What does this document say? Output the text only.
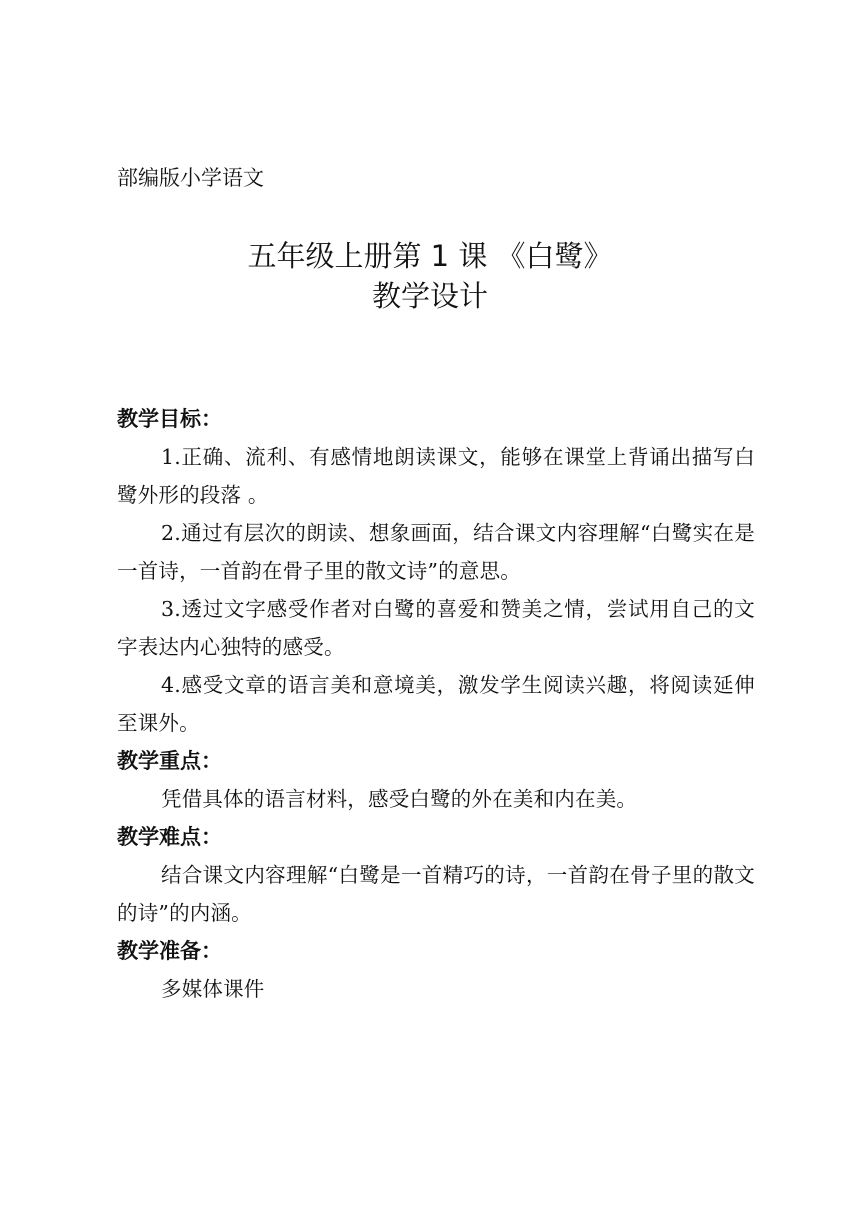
部编版小学语文
五年级上册第 1 课 《白鹭》
教学设计

教学目标：

1.正确、流利、有感情地朗读课文，能够在课堂上背诵出描写白鹭外形的段落 。

2.通过有层次的朗读、想象画面，结合课文内容理解“白鹭实在是一首诗，一首韵在骨子里的散文诗”的意思。

3.透过文字感受作者对白鹭的喜爱和赞美之情，尝试用自己的文字表达内心独特的感受。

4.感受文章的语言美和意境美，激发学生阅读兴趣，将阅读延伸至课外。

教学重点：

凭借具体的语言材料，感受白鹭的外在美和内在美。

教学难点：

结合课文内容理解“白鹭是一首精巧的诗，一首韵在骨子里的散文的诗”的内涵。

教学准备：

多媒体课件
